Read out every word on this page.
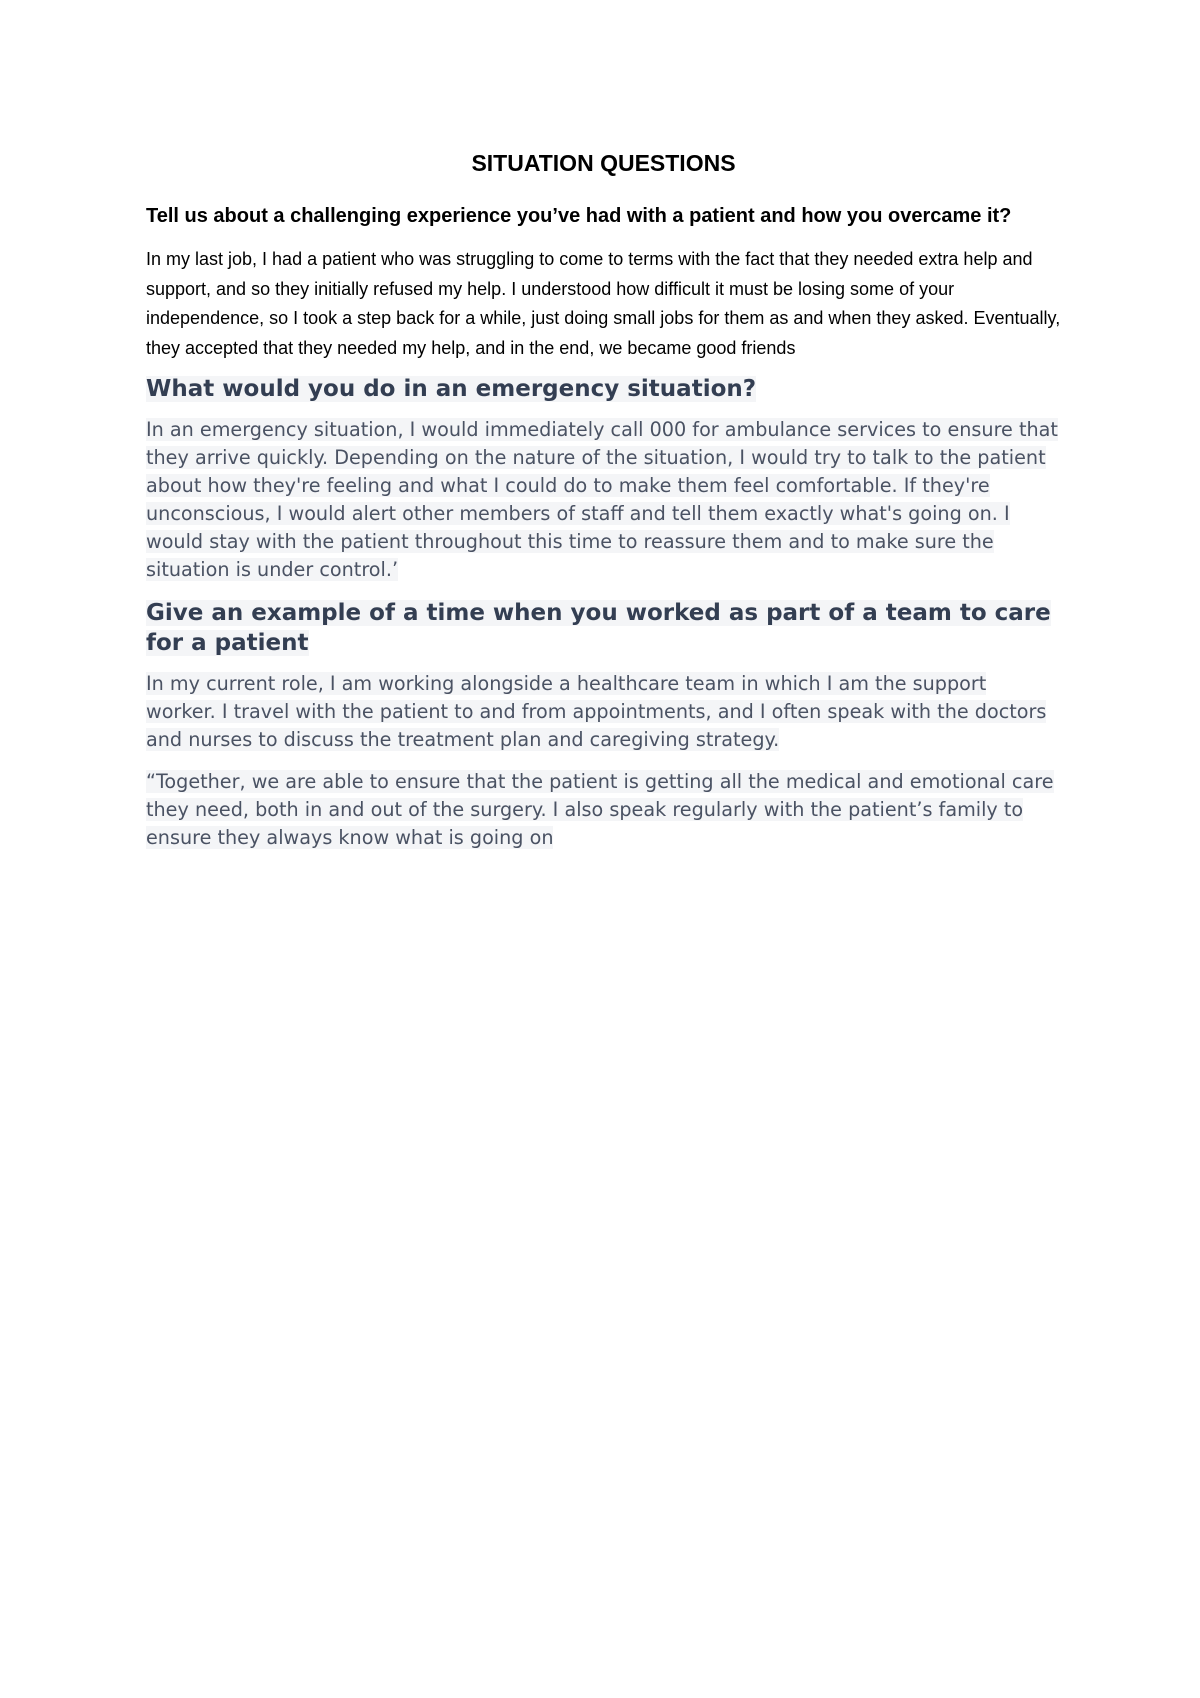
SITUATION QUESTIONS
Tell us about a challenging experience you’ve had with a patient and how you overcame it?
In my last job, I had a patient who was struggling to come to terms with the fact that they needed extra help and support, and so they initially refused my help. I understood how difficult it must be losing some of your independence, so I took a step back for a while, just doing small jobs for them as and when they asked. Eventually, they accepted that they needed my help, and in the end, we became good friends
What would you do in an emergency situation?
In an emergency situation, I would immediately call 000 for ambulance services to ensure that they arrive quickly. Depending on the nature of the situation, I would try to talk to the patient about how they're feeling and what I could do to make them feel comfortable. If they're unconscious, I would alert other members of staff and tell them exactly what's going on. I would stay with the patient throughout this time to reassure them and to make sure the situation is under control.’
Give an example of a time when you worked as part of a team to care for a patient
In my current role, I am working alongside a healthcare team in which I am the support worker. I travel with the patient to and from appointments, and I often speak with the doctors and nurses to discuss the treatment plan and caregiving strategy.
“Together, we are able to ensure that the patient is getting all the medical and emotional care they need, both in and out of the surgery. I also speak regularly with the patient’s family to ensure they always know what is going on
